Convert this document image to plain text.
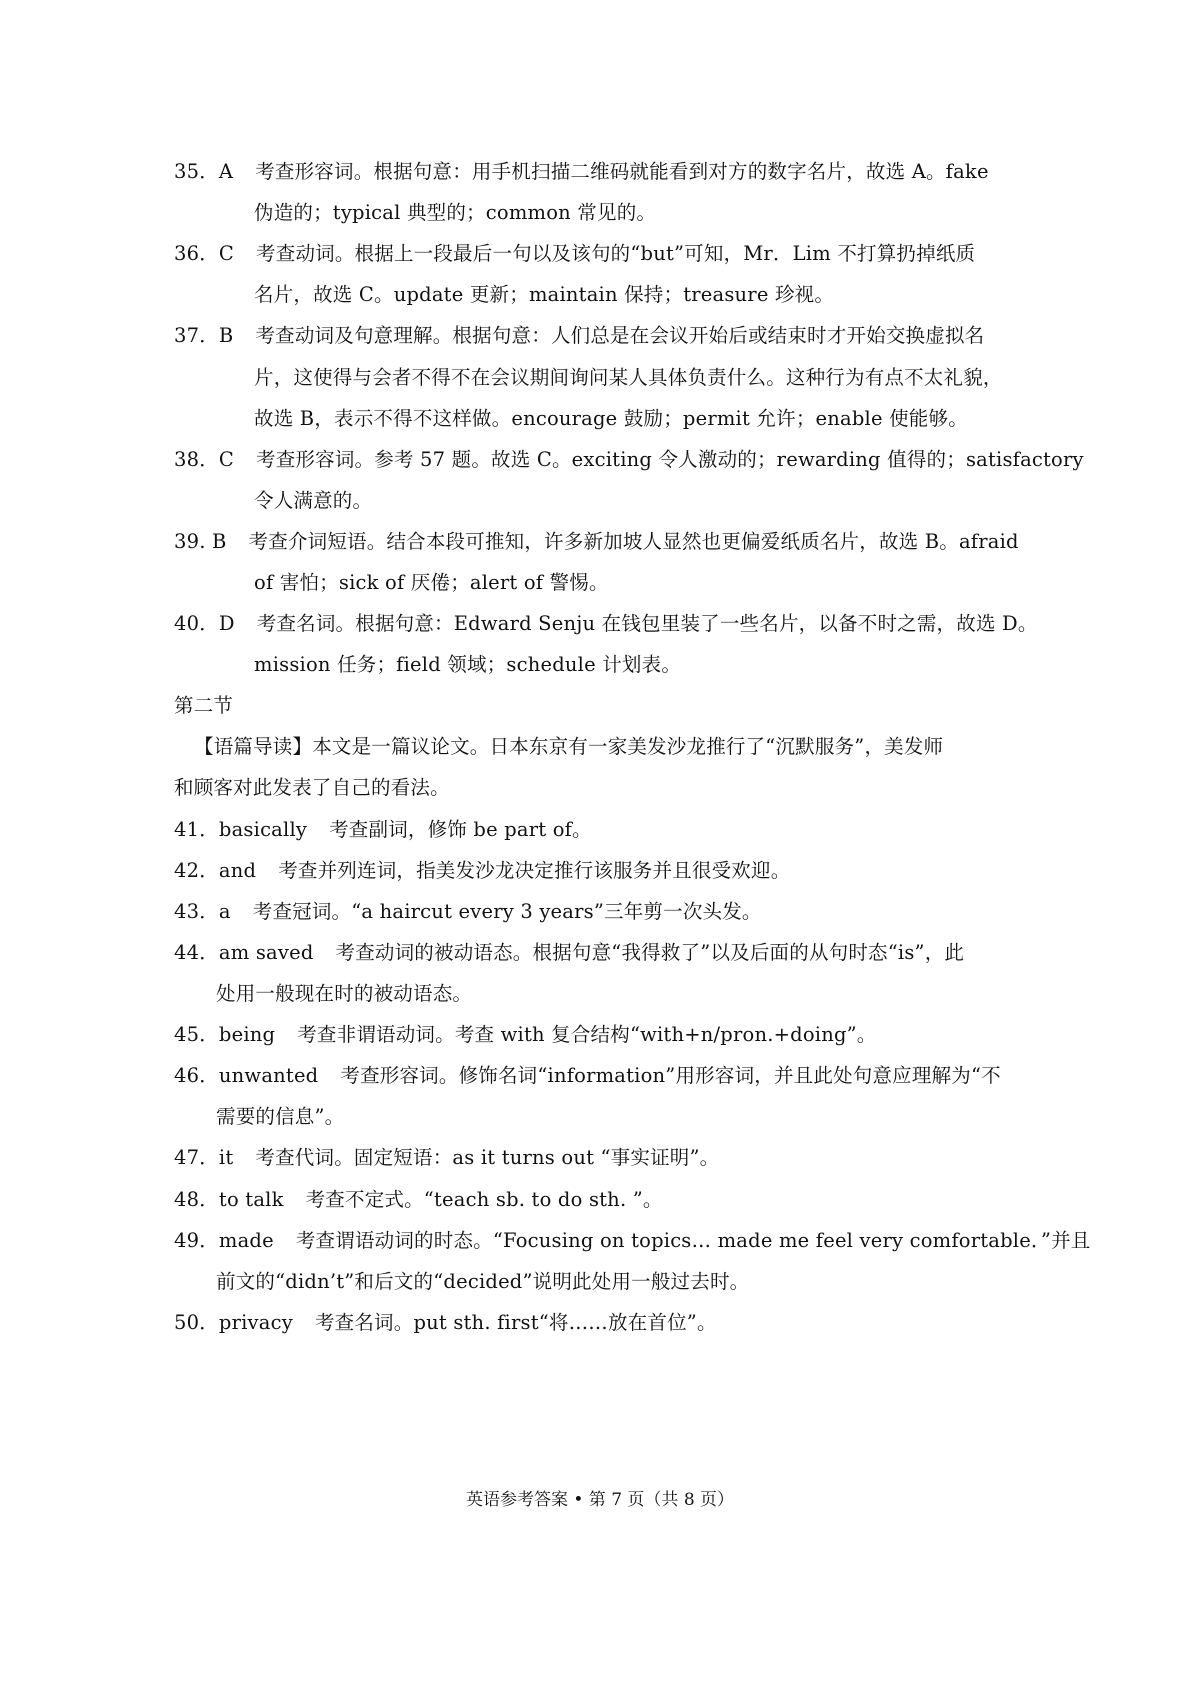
35．A 考查形容词。根据句意：用手机扫描二维码就能看到对方的数字名片，故选 A。fake
伪造的；typical 典型的；common 常见的。
36．C 考查动词。根据上一段最后一句以及该句的“but”可知，Mr．Lim 不打算扔掉纸质
名片，故选 C。update 更新；maintain 保持；treasure 珍视。
37．B 考查动词及句意理解。根据句意：人们总是在会议开始后或结束时才开始交换虚拟名
片，这使得与会者不得不在会议期间询问某人具体负责什么。这种行为有点不太礼貌，
故选 B，表示不得不这样做。encourage 鼓励；permit 允许；enable 使能够。
38．C 考查形容词。参考 57 题。故选 C。exciting 令人激动的；rewarding 值得的；satisfactory
令人满意的。
39. B 考查介词短语。结合本段可推知，许多新加坡人显然也更偏爱纸质名片，故选 B。afraid
of 害怕；sick of 厌倦；alert of 警惕。
40．D 考查名词。根据句意：Edward Senju 在钱包里装了一些名片，以备不时之需，故选 D。
mission 任务；field 领域；schedule 计划表。
第二节
【语篇导读】本文是一篇议论文。日本东京有一家美发沙龙推行了“沉默服务”，美发师
和顾客对此发表了自己的看法。
41．basically 考查副词，修饰 be part of。
42．and 考查并列连词，指美发沙龙决定推行该服务并且很受欢迎。
43．a 考查冠词。“a haircut every 3 years”三年剪一次头发。
44．am saved 考查动词的被动语态。根据句意“我得救了”以及后面的从句时态“is”，此
处用一般现在时的被动语态。
45．being 考查非谓语动词。考查 with 复合结构“with+n/pron.+doing”。
46．unwanted 考查形容词。修饰名词“information”用形容词，并且此处句意应理解为“不
需要的信息”。
47．it 考查代词。固定短语：as it turns out “事实证明”。
48．to talk 考查不定式。“teach sb. to do sth. ”。
49．made 考查谓语动词的时态。“Focusing on topics… made me feel very comfortable．”并且
前文的“didn’t”和后文的“decided”说明此处用一般过去时。
50．privacy 考查名词。put sth. first“将……放在首位”。
英语参考答案 • 第 7 页（共 8 页）
